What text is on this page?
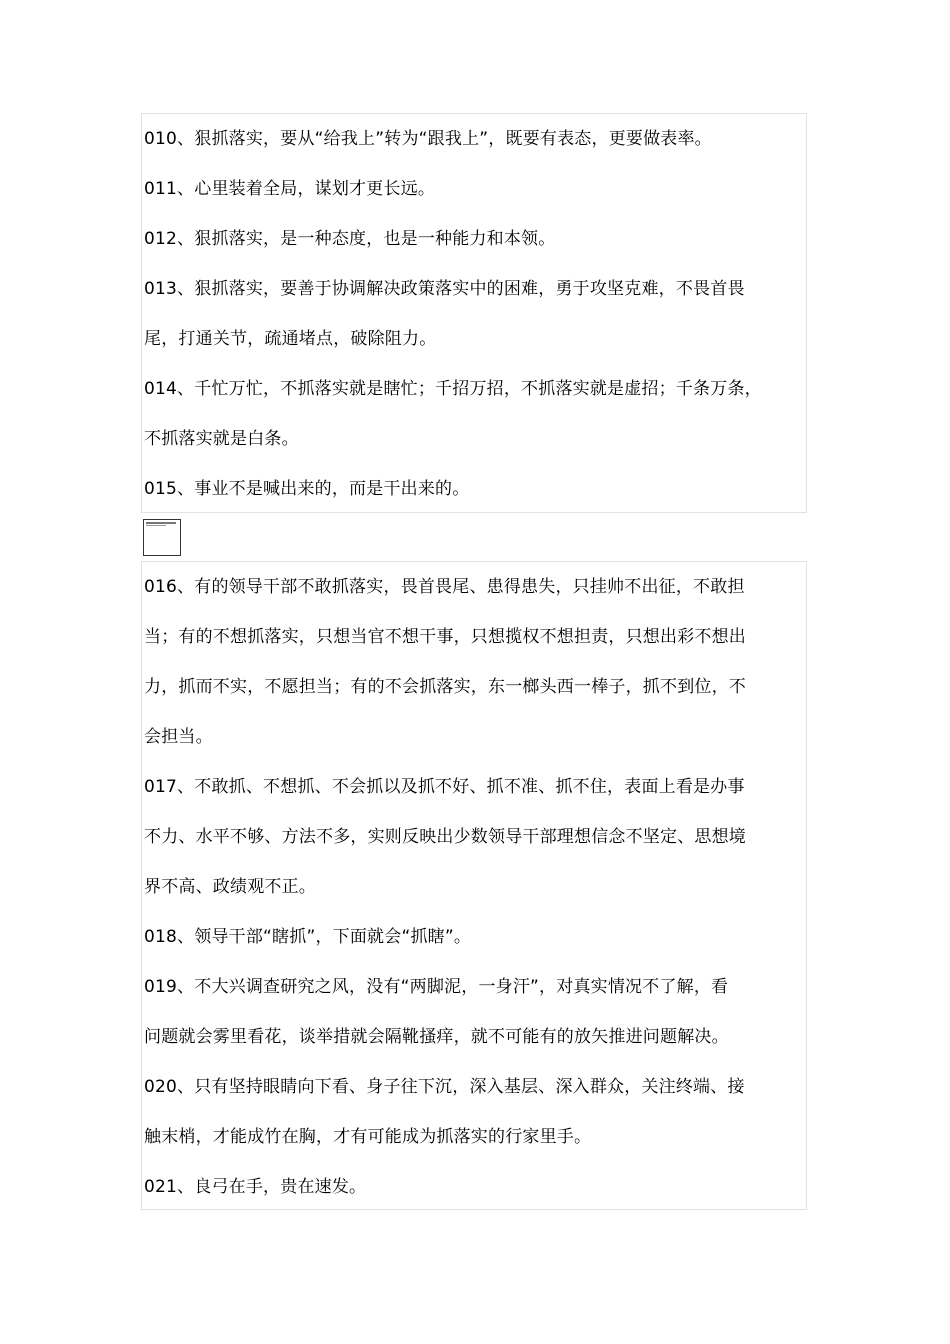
010、狠抓落实，要从“给我上”转为“跟我上”，既要有表态，更要做表率。

011、心里装着全局，谋划才更长远。

012、狠抓落实，是一种态度，也是一种能力和本领。

013、狠抓落实，要善于协调解决政策落实中的困难，勇于攻坚克难，不畏首畏

尾，打通关节，疏通堵点，破除阻力。

014、千忙万忙，不抓落实就是瞎忙；千招万招，不抓落实就是虚招；千条万条，

不抓落实就是白条。

015、事业不是喊出来的，而是干出来的。

016、有的领导干部不敢抓落实，畏首畏尾、患得患失，只挂帅不出征，不敢担

当；有的不想抓落实，只想当官不想干事，只想揽权不想担责，只想出彩不想出

力，抓而不实，不愿担当；有的不会抓落实，东一榔头西一棒子，抓不到位，不

会担当。

017、不敢抓、不想抓、不会抓以及抓不好、抓不准、抓不住，表面上看是办事

不力、水平不够、方法不多，实则反映出少数领导干部理想信念不坚定、思想境

界不高、政绩观不正。

018、领导干部“瞎抓”，下面就会“抓瞎”。

019、不大兴调查研究之风，没有“两脚泥，一身汗”，对真实情况不了解，看

问题就会雾里看花，谈举措就会隔靴搔痒，就不可能有的放矢推进问题解决。

020、只有坚持眼睛向下看、身子往下沉，深入基层、深入群众，关注终端、接

触末梢，才能成竹在胸，才有可能成为抓落实的行家里手。

021、良弓在手，贵在速发。
